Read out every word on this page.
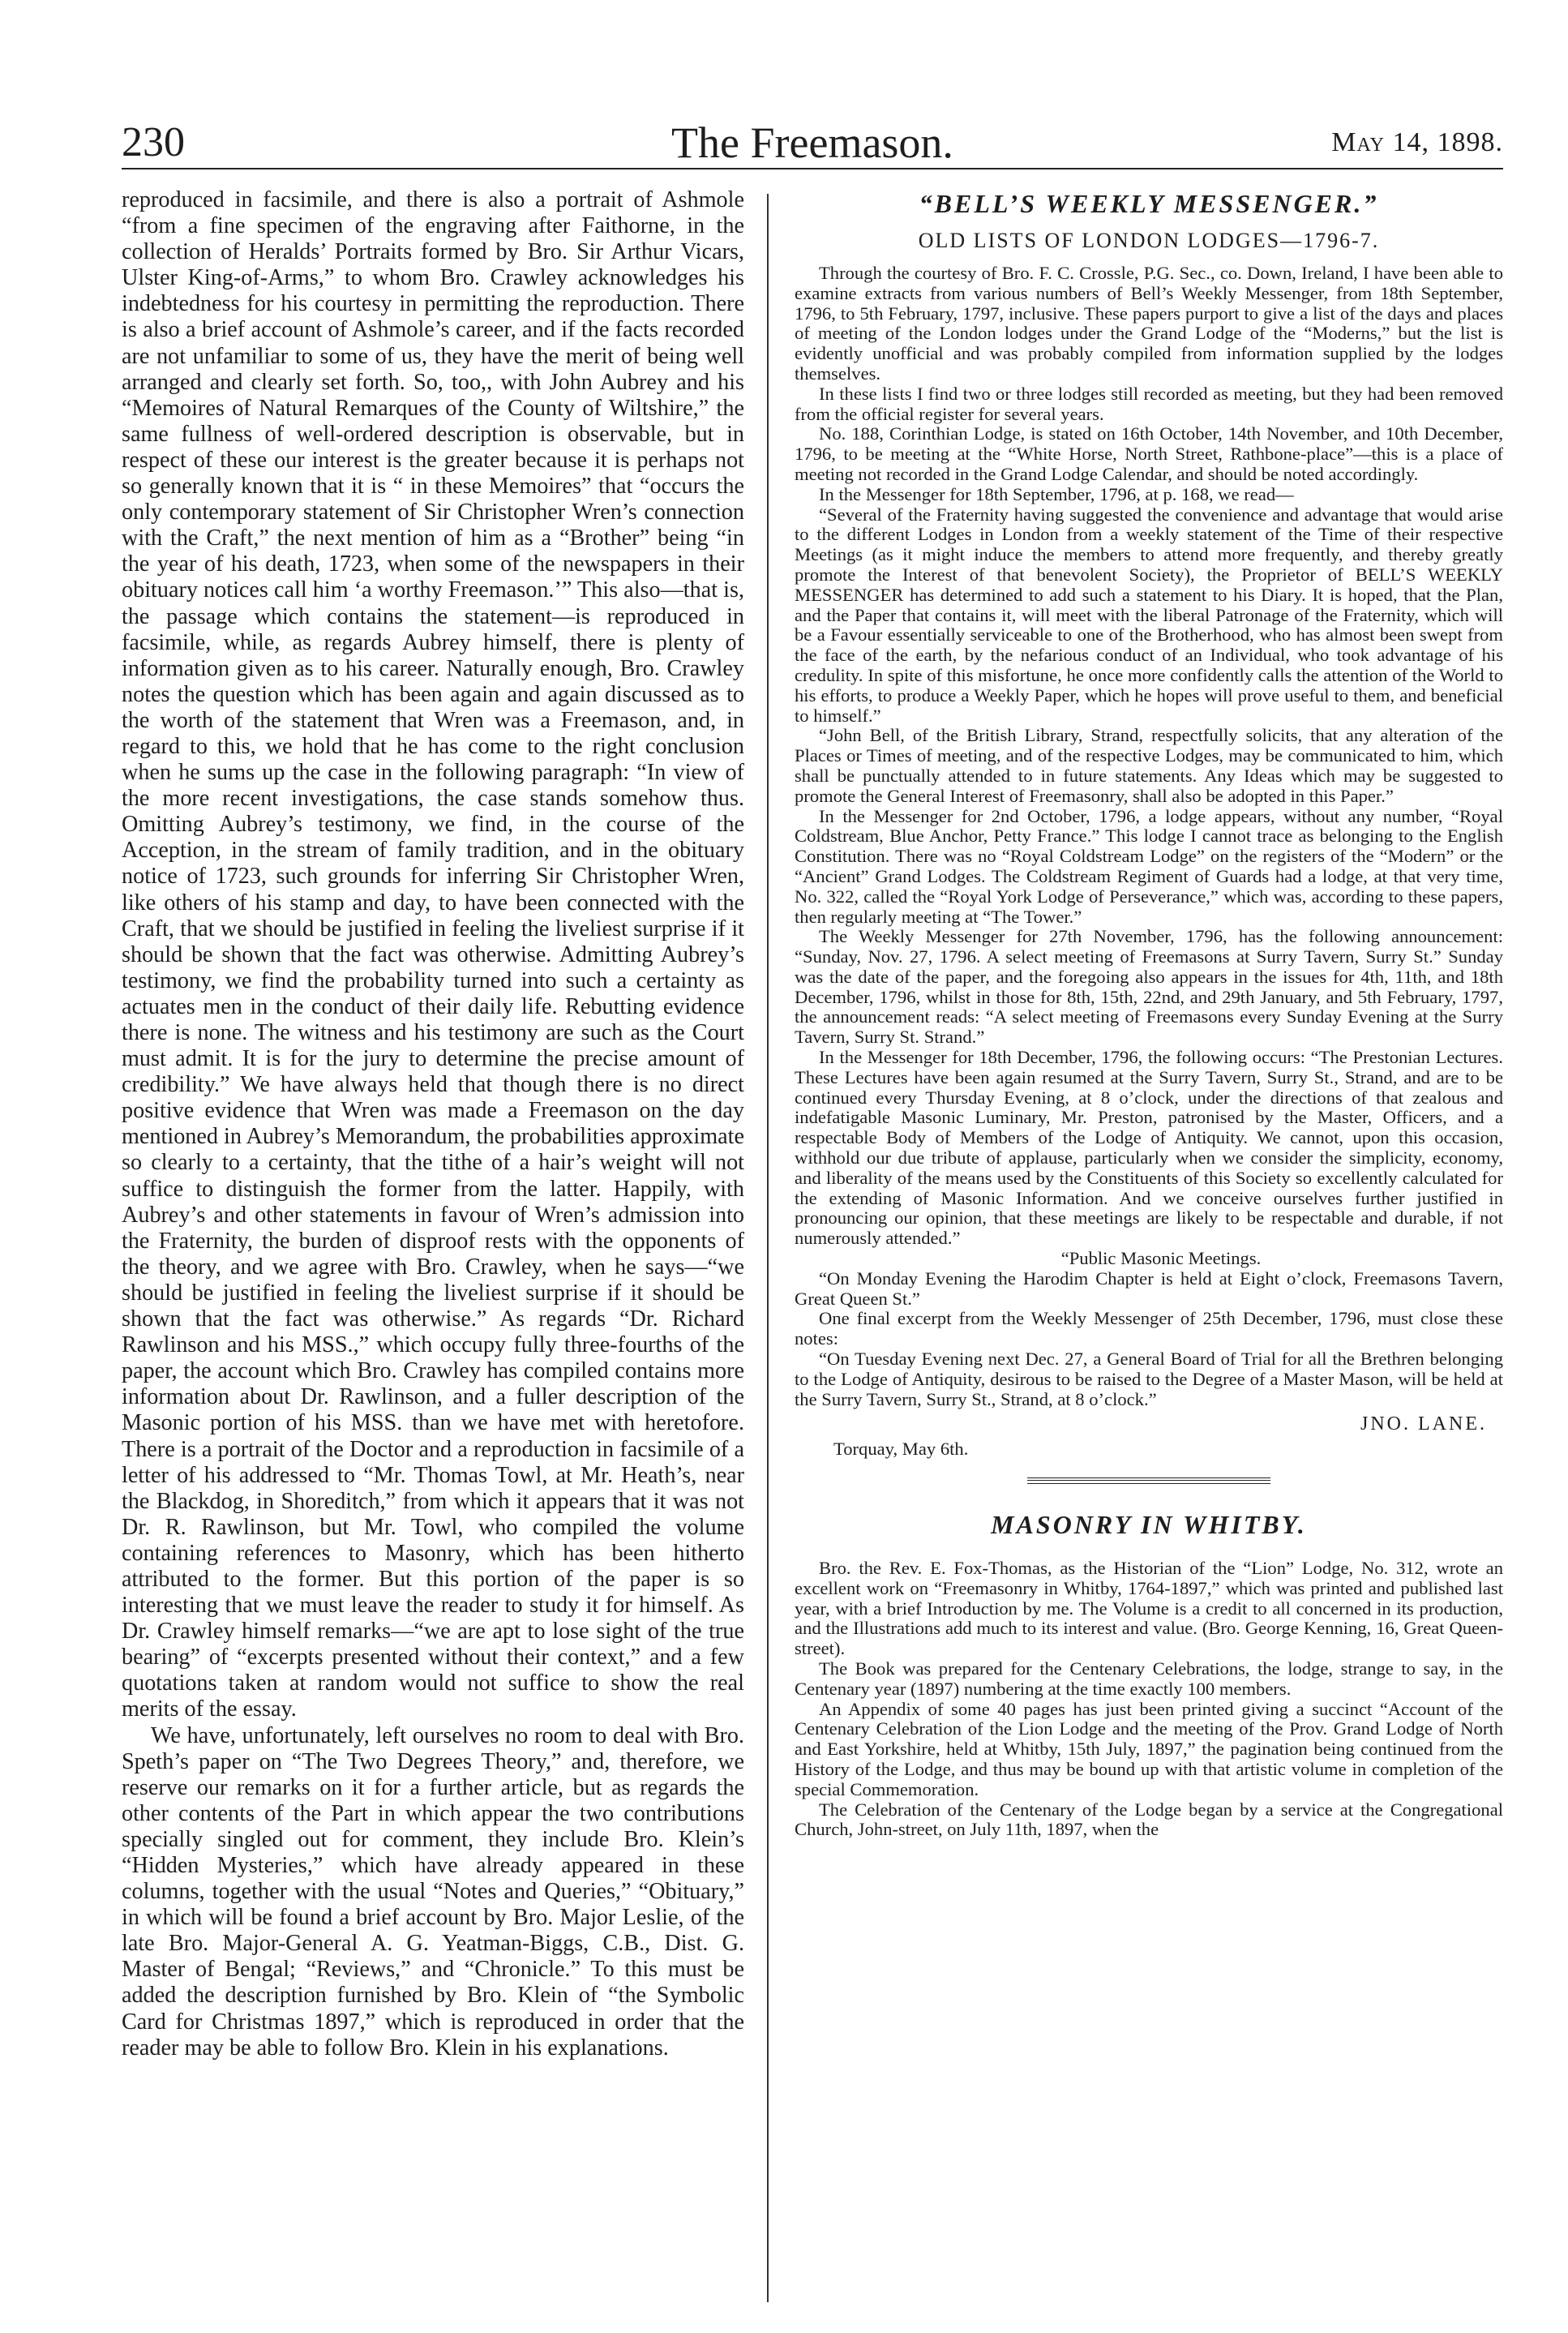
230	The Freemason.	May 14, 1898.

reproduced in facsimile, and there is also a portrait of Ashmole “from a fine specimen of the engraving after Faithorne, in the collection of Heralds’ Portraits formed by Bro. Sir Arthur Vicars, Ulster King-of-Arms,” to whom Bro. Crawley acknowledges his indebtedness for his courtesy in permitting the reproduction. There is also a brief account of Ashmole’s career, and if the facts recorded are not unfamiliar to some of us, they have the merit of being well arranged and clearly set forth. So, too,, with John Aubrey and his “Memoires of Natural Remarques of the County of Wiltshire,” the same fullness of well-ordered description is observable, but in respect of these our interest is the greater because it is perhaps not so generally known that it is “ in these Memoires” that “occurs the only contemporary statement of Sir Christopher Wren’s connection with the Craft,” the next mention of him as a “Brother” being “in the year of his death, 1723, when some of the newspapers in their obituary notices call him ‘a worthy Freemason.’” This also—that is, the passage which contains the statement—is reproduced in facsimile, while, as regards Aubrey himself, there is plenty of information given as to his career. Naturally enough, Bro. Crawley notes the question which has been again and again discussed as to the worth of the statement that Wren was a Freemason, and, in regard to this, we hold that he has come to the right conclusion when he sums up the case in the following paragraph: “In view of the more recent investigations, the case stands somehow thus. Omitting Aubrey’s testimony, we find, in the course of the Acception, in the stream of family tradition, and in the obituary notice of 1723, such grounds for inferring Sir Christopher Wren, like others of his stamp and day, to have been connected with the Craft, that we should be justified in feeling the liveliest surprise if it should be shown that the fact was otherwise. Admitting Aubrey’s testimony, we find the probability turned into such a certainty as actuates men in the conduct of their daily life. Rebutting evidence there is none. The witness and his testimony are such as the Court must admit. It is for the jury to determine the precise amount of credibility.” We have always held that though there is no direct positive evidence that Wren was made a Freemason on the day mentioned in Aubrey’s Memorandum, the probabilities approximate so clearly to a certainty, that the tithe of a hair’s weight will not suffice to distinguish the former from the latter. Happily, with Aubrey’s and other statements in favour of Wren’s admission into the Fraternity, the burden of disproof rests with the opponents of the theory, and we agree with Bro. Crawley, when he says—“we should be justified in feeling the liveliest surprise if it should be shown that the fact was otherwise.” As regards “Dr. Richard Rawlinson and his MSS.,” which occupy fully three-fourths of the paper, the account which Bro. Crawley has compiled contains more information about Dr. Rawlinson, and a fuller description of the Masonic portion of his MSS. than we have met with heretofore. There is a portrait of the Doctor and a reproduction in facsimile of a letter of his addressed to “Mr. Thomas Towl, at Mr. Heath’s, near the Blackdog, in Shoreditch,” from which it appears that it was not Dr. R. Rawlinson, but Mr. Towl, who compiled the volume containing references to Masonry, which has been hitherto attributed to the former. But this portion of the paper is so interesting that we must leave the reader to study it for himself. As Dr. Crawley himself remarks—“we are apt to lose sight of the true bearing” of “excerpts presented without their context,” and a few quotations taken at random would not suffice to show the real merits of the essay.

We have, unfortunately, left ourselves no room to deal with Bro. Speth’s paper on “The Two Degrees Theory,” and, therefore, we reserve our remarks on it for a further article, but as regards the other contents of the Part in which appear the two contributions specially singled out for comment, they include Bro. Klein’s “Hidden Mysteries,” which have already appeared in these columns, together with the usual “Notes and Queries,” “Obituary,” in which will be found a brief account by Bro. Major Leslie, of the late Bro. Major-General A. G. Yeatman-Biggs, C.B., Dist. G. Master of Bengal; “Reviews,” and “Chronicle.” To this must be added the description furnished by Bro. Klein of “the Symbolic Card for Christmas 1897,” which is reproduced in order that the reader may be able to follow Bro. Klein in his explanations.

“BELL’S WEEKLY MESSENGER.”
OLD LISTS OF LONDON LODGES—1796-7.

Through the courtesy of Bro. F. C. Crossle, P.G. Sec., co. Down, Ireland, I have been able to examine extracts from various numbers of Bell’s Weekly Messenger, from 18th September, 1796, to 5th February, 1797, inclusive. These papers purport to give a list of the days and places of meeting of the London lodges under the Grand Lodge of the “Moderns,” but the list is evidently unofficial and was probably compiled from information supplied by the lodges themselves.

In these lists I find two or three lodges still recorded as meeting, but they had been removed from the official register for several years.

No. 188, Corinthian Lodge, is stated on 16th October, 14th November, and 10th December, 1796, to be meeting at the “White Horse, North Street, Rathbone-place”—this is a place of meeting not recorded in the Grand Lodge Calendar, and should be noted accordingly.

In the Messenger for 18th September, 1796, at p. 168, we read—

“Several of the Fraternity having suggested the convenience and advantage that would arise to the different Lodges in London from a weekly statement of the Time of their respective Meetings (as it might induce the members to attend more frequently, and thereby greatly promote the Interest of that benevolent Society), the Proprietor of BELL’S WEEKLY MESSENGER has determined to add such a statement to his Diary. It is hoped, that the Plan, and the Paper that contains it, will meet with the liberal Patronage of the Fraternity, which will be a Favour essentially serviceable to one of the Brotherhood, who has almost been swept from the face of the earth, by the nefarious conduct of an Individual, who took advantage of his credulity. In spite of this misfortune, he once more confidently calls the attention of the World to his efforts, to produce a Weekly Paper, which he hopes will prove useful to them, and beneficial to himself.”

“John Bell, of the British Library, Strand, respectfully solicits, that any alteration of the Places or Times of meeting, and of the respective Lodges, may be communicated to him, which shall be punctually attended to in future statements. Any Ideas which may be suggested to promote the General Interest of Freemasonry, shall also be adopted in this Paper.”

In the Messenger for 2nd October, 1796, a lodge appears, without any number, “Royal Coldstream, Blue Anchor, Petty France.” This lodge I cannot trace as belonging to the English Constitution. There was no “Royal Coldstream Lodge” on the registers of the “Modern” or the “Ancient” Grand Lodges. The Coldstream Regiment of Guards had a lodge, at that very time, No. 322, called the “Royal York Lodge of Perseverance,” which was, according to these papers, then regularly meeting at “The Tower.”

The Weekly Messenger for 27th November, 1796, has the following announcement: “Sunday, Nov. 27, 1796. A select meeting of Freemasons at Surry Tavern, Surry St.” Sunday was the date of the paper, and the foregoing also appears in the issues for 4th, 11th, and 18th December, 1796, whilst in those for 8th, 15th, 22nd, and 29th January, and 5th February, 1797, the announcement reads: “A select meeting of Freemasons every Sunday Evening at the Surry Tavern, Surry St. Strand.”

In the Messenger for 18th December, 1796, the following occurs: “The Prestonian Lectures. These Lectures have been again resumed at the Surry Tavern, Surry St., Strand, and are to be continued every Thursday Evening, at 8 o’clock, under the directions of that zealous and indefatigable Masonic Luminary, Mr. Preston, patronised by the Master, Officers, and a respectable Body of Members of the Lodge of Antiquity. We cannot, upon this occasion, withhold our due tribute of applause, particularly when we consider the simplicity, economy, and liberality of the means used by the Constituents of this Society so excellently calculated for the extending of Masonic Information. And we conceive ourselves further justified in pronouncing our opinion, that these meetings are likely to be respectable and durable, if not numerously attended.”

“Public Masonic Meetings.

“On Monday Evening the Harodim Chapter is held at Eight o’clock, Freemasons Tavern, Great Queen St.”

One final excerpt from the Weekly Messenger of 25th December, 1796, must close these notes:

“On Tuesday Evening next Dec. 27, a General Board of Trial for all the Brethren belonging to the Lodge of Antiquity, desirous to be raised to the Degree of a Master Mason, will be held at the Surry Tavern, Surry St., Strand, at 8 o’clock.”

JNO. LANE.

Torquay, May 6th.

MASONRY IN WHITBY.

Bro. the Rev. E. Fox-Thomas, as the Historian of the “Lion” Lodge, No. 312, wrote an excellent work on “Freemasonry in Whitby, 1764-1897,” which was printed and published last year, with a brief Introduction by me. The Volume is a credit to all concerned in its production, and the Illustrations add much to its interest and value. (Bro. George Kenning, 16, Great Queen-street).

The Book was prepared for the Centenary Celebrations, the lodge, strange to say, in the Centenary year (1897) numbering at the time exactly 100 members.

An Appendix of some 40 pages has just been printed giving a succinct “Account of the Centenary Celebration of the Lion Lodge and the meeting of the Prov. Grand Lodge of North and East Yorkshire, held at Whitby, 15th July, 1897,” the pagination being continued from the History of the Lodge, and thus may be bound up with that artistic volume in completion of the special Commemoration.

The Celebration of the Centenary of the Lodge began by a service at the Congregational Church, John-street, on July 11th, 1897, when the
